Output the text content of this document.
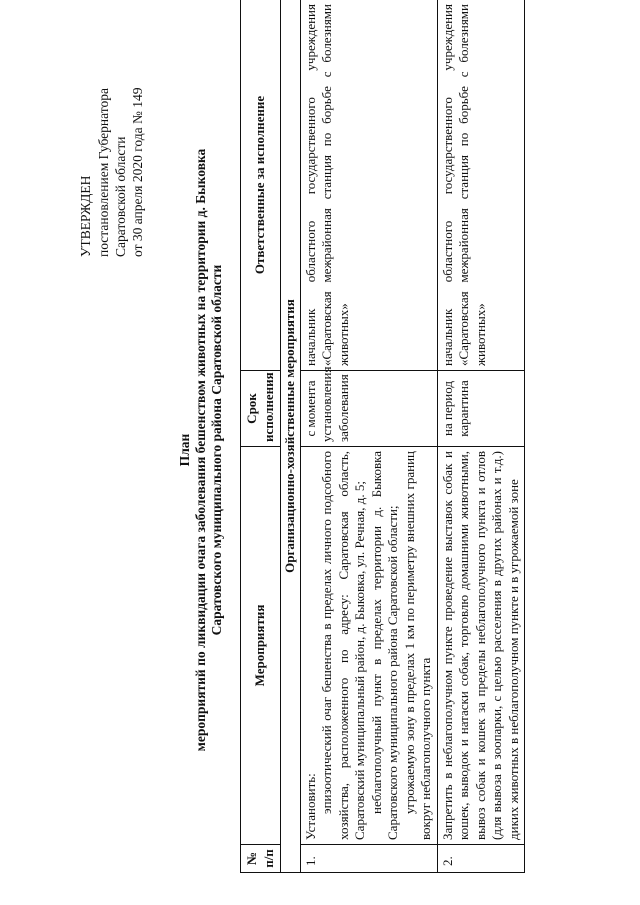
УТВЕРЖДЕН постановлением Губернатора Саратовской области от 30 апреля 2020 года № 149
План мероприятий по ликвидации очага заболевания бешенством животных на территории д. Быковка Саратовского муниципального района Саратовской области
№ п/п	Мероприятия	Срок исполнения	Ответственные за исполнение
Организационно-хозяйственные мероприятия			
1.	Установить: эпизоотический очаг бешенства в пределах личного подсобного хозяйства, расположенного по адресу: Саратовская область, Саратовский муниципальный район, д. Быковка, ул. Речная, д. 5; неблагополучный пункт в пределах территории д. Быковка Саратовского муниципального района Саратовской области; угрожаемую зону в пределах 1 км по периметру внешних границ вокруг неблагополучного пункта	с момента установления заболевания	начальник областного государственного учреждения «Саратовская межрайонная станция по борьбе с болезнями животных»
2.	Запретить в неблагополучном пункте проведение выставок собак и кошек, выводок и натаски собак, торговлю домашними животными, вывоз собак и кошек за пределы неблагополучного пункта и отлов (для вывоза в зоопарки, с целью расселения в других районах и т.д.) диких животных в неблагополучном пункте и в угрожаемой зоне	на период карантина	начальник областного государственного учреждения «Саратовская межрайонная станция по борьбе с болезнями животных»
